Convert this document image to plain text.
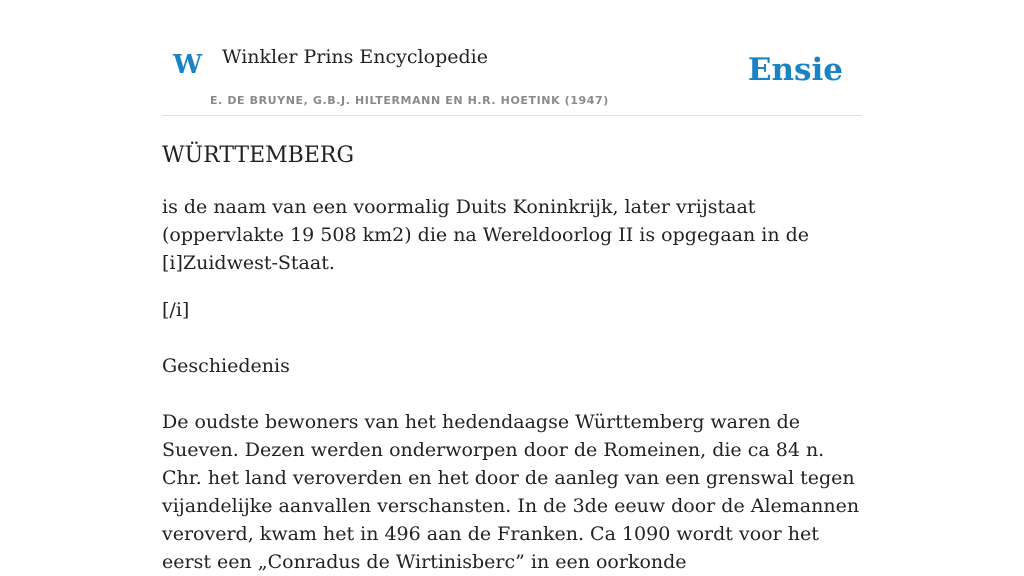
W Winkler Prins Encyclopedie
E. DE BRUYNE, G.B.J. HILTERMANN EN H.R. HOETINK (1947)
Ensie
WÜRTTEMBERG

is de naam van een voormalig Duits Koninkrijk, later vrijstaat (oppervlakte 19 508 km2) die na Wereldoorlog II is opgegaan in de [i]Zuidwest-Staat.

[/i]

Geschiedenis

De oudste bewoners van het hedendaagse Württemberg waren de Sueven. Dezen werden onderworpen door de Romeinen, die ca 84 n. Chr. het land veroverden en het door de aanleg van een grenswal tegen vijandelijke aanvallen verschansten. In de 3de eeuw door de Alemannen veroverd, kwam het in 496 aan de Franken. Ca 1090 wordt voor het eerst een „Conradus de Wirtinisberc” in een oorkonde
